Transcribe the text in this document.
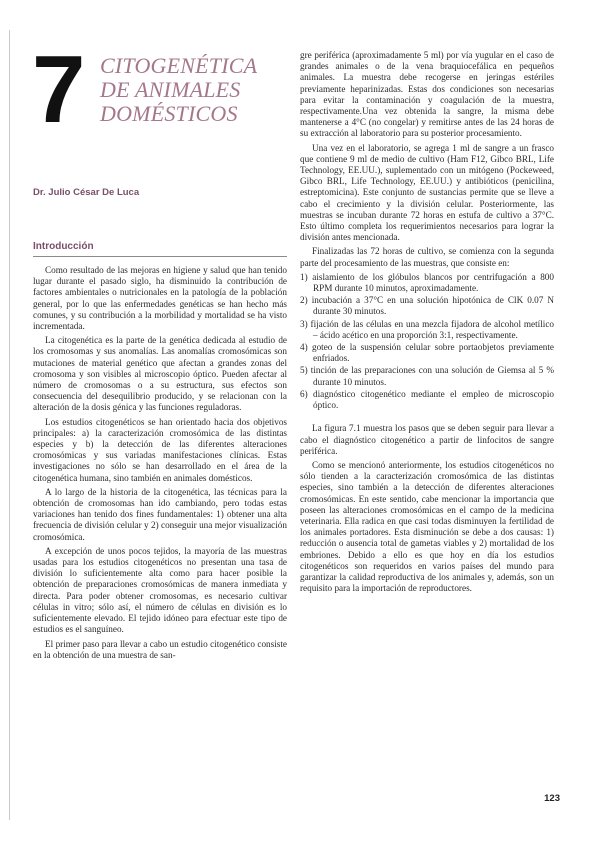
7 CITOGENÉTICA
DE ANIMALES
DOMÉSTICOS
Dr. Julio César De Luca
Introducción

Como resultado de las mejoras en higiene y salud que han tenido lugar durante el pasado siglo, ha disminuido la contribución de factores ambientales o nutricionales en la patología de la población general, por lo que las enfermedades genéticas se han hecho más comunes, y su contribución a la morbilidad y mortalidad se ha visto incrementada.

La citogenética es la parte de la genética dedicada al estudio de los cromosomas y sus anomalías. Las anomalías cromosómicas son mutaciones de material genético que afectan a grandes zonas del cromosoma y son visibles al microscopio óptico. Pueden afectar al número de cromosomas o a su estructura, sus efectos son consecuencia del desequilibrio producido, y se relacionan con la alteración de la dosis génica y las funciones reguladoras.

Los estudios citogenéticos se han orientado hacia dos objetivos principales: a) la caracterización cromosómica de las distintas especies y b) la detección de las diferentes alteraciones cromosómicas y sus variadas manifestaciones clínicas. Estas investigaciones no sólo se han desarrollado en el área de la citogenética humana, sino también en animales domésticos.

A lo largo de la historia de la citogenética, las técnicas para la obtención de cromosomas han ido cambiando, pero todas estas variaciones han tenido dos fines fundamentales: 1) obtener una alta frecuencia de división celular y 2) conseguir una mejor visualización cromosómica.

A excepción de unos pocos tejidos, la mayoría de las muestras usadas para los estudios citogenéticos no presentan una tasa de división lo suficientemente alta como para hacer posible la obtención de preparaciones cromosómicas de manera inmediata y directa. Para poder obtener cromosomas, es necesario cultivar células in vitro; sólo así, el número de células en división es lo suficientemente elevado. El tejido idóneo para efectuar este tipo de estudios es el sanguíneo.

El primer paso para llevar a cabo un estudio citogenético consiste en la obtención de una muestra de san-

gre periférica (aproximadamente 5 ml) por vía yugular en el caso de grandes animales o de la vena braquiocefálica en pequeños animales. La muestra debe recogerse en jeringas estériles previamente heparinizadas. Estas dos condiciones son necesarias para evitar la contaminación y coagulación de la muestra, respectivamente.Una vez obtenida la sangre, la misma debe mantenerse a 4°C (no congelar) y remitirse antes de las 24 horas de su extracción al laboratorio para su posterior procesamiento.

Una vez en el laboratorio, se agrega 1 ml de sangre a un frasco que contiene 9 ml de medio de cultivo (Ham F12, Gibco BRL, Life Technology, EE.UU.), suplementado con un mitógeno (Pockeweed, Gibco BRL, Life Technology, EE.UU.) y antibióticos (penicilina, estreptomicina). Este conjunto de sustancias permite que se lleve a cabo el crecimiento y la división celular. Posteriormente, las muestras se incuban durante 72 horas en estufa de cultivo a 37°C. Esto último completa los requerimientos necesarios para lograr la división antes mencionada.

Finalizadas las 72 horas de cultivo, se comienza con la segunda parte del procesamiento de las muestras, que consiste en:

1) aislamiento de los glóbulos blancos por centrifugación a 800 RPM durante 10 minutos, aproximadamente.
2) incubación a 37°C en una solución hipotónica de ClK 0.07 N durante 30 minutos.
3) fijación de las células en una mezcla fijadora de alcohol metílico – ácido acético en una proporción 3:1, respectivamente.
4) goteo de la suspensión celular sobre portaobjetos previamente enfriados.
5) tinción de las preparaciones con una solución de Giemsa al 5 % durante 10 minutos.
6) diagnóstico citogenético mediante el empleo de microscopio óptico.

La figura 7.1 muestra los pasos que se deben seguir para llevar a cabo el diagnóstico citogenético a partir de linfocitos de sangre periférica.

Como se mencionó anteriormente, los estudios citogenéticos no sólo tienden a la caracterización cromosómica de las distintas especies, sino también a la detección de diferentes alteraciones cromosómicas. En este sentido, cabe mencionar la importancia que poseen las alteraciones cromosómicas en el campo de la medicina veterinaria. Ella radica en que casi todas disminuyen la fertilidad de los animales portadores. Esta disminución se debe a dos causas: 1) reducción o ausencia total de gametas viables y 2) mortalidad de los embriones. Debido a ello es que hoy en día los estudios citogenéticos son requeridos en varios países del mundo para garantizar la calidad reproductiva de los animales y, además, son un requisito para la importación de reproductores.

123
